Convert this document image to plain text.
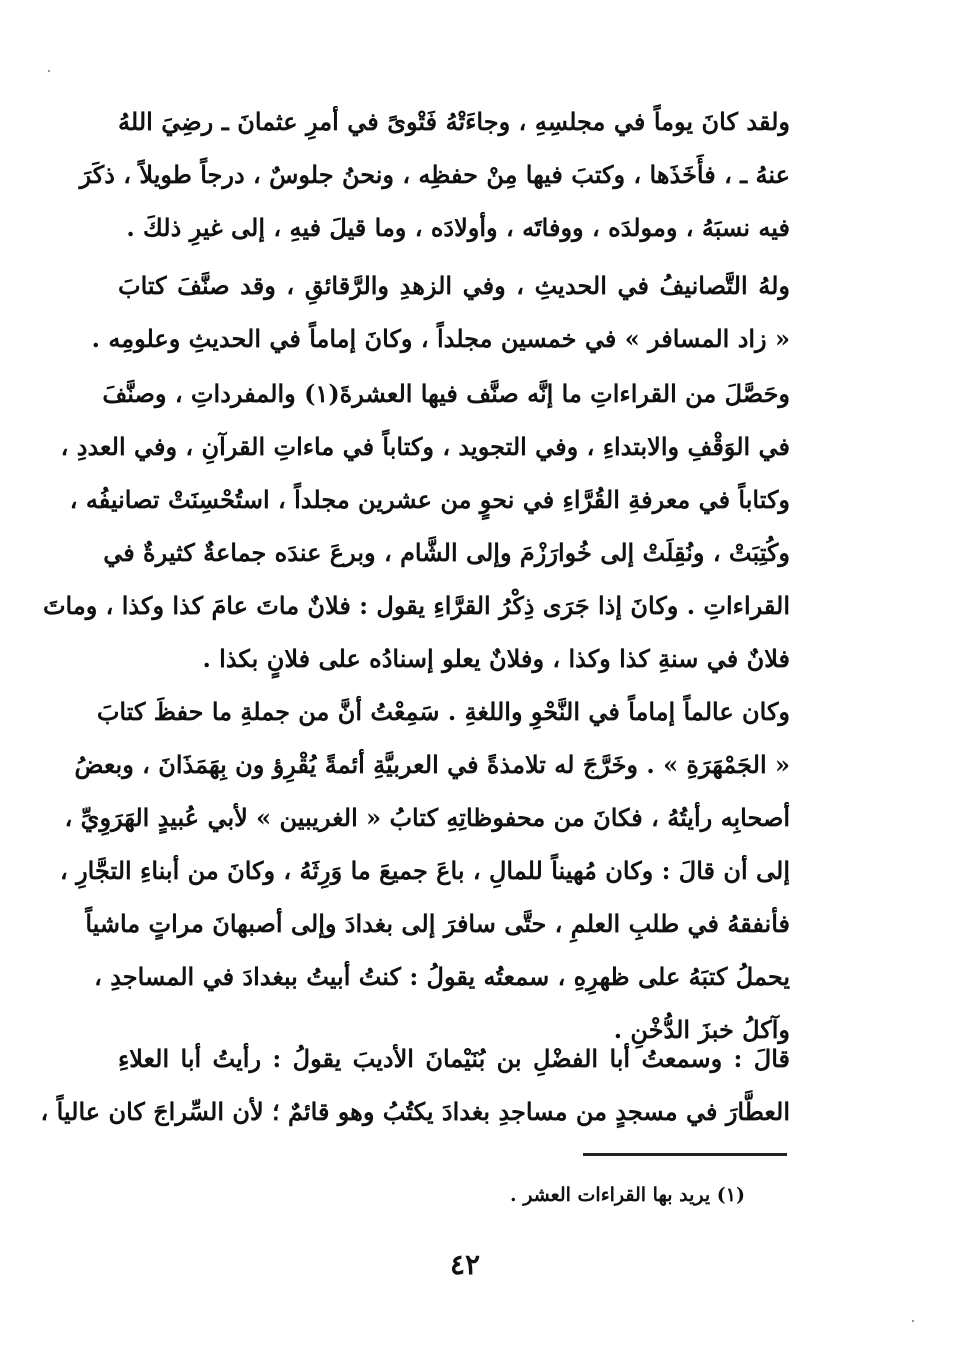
ولقد كانَ يوماً في مجلسِهِ ، وجاءَتْهُ فَتْوىً في أمرِ عثمانَ ـ رضِيَ اللهُ
عنهُ ـ ، فأَخَذَها ، وكتبَ فيها مِنْ حفظِه ، ونحنُ جلوسٌ ، درجاً طويلاً ، ذكَرَ
فيه نسبَهُ ، ومولدَه ، ووفاتَه ، وأولادَه ، وما قيلَ فيهِ ، إلى غيرِ ذلكَ .
ولهُ التَّصانيفُ في الحديثِ ، وفي الزهدِ والرَّقائقِ ، وقد صنَّفَ كتابَ
« زاد المسافر » في خمسين مجلداً ، وكانَ إماماً في الحديثِ وعلومِه .
وحَصَّلَ من القراءاتِ ما إنَّه صنَّف فيها العشرةَ(١) والمفرداتِ ، وصنَّفَ
في الوَقْفِ والابتداءِ ، وفي التجويد ، وكتاباً في ماءاتِ القرآنِ ، وفي العددِ ،
وكتاباً في معرفةِ القُرَّاءِ في نحوٍ من عشرين مجلداً ، استُحْسِنَتْ تصانيفُه ،
وكُتِبَتْ ، ونُقِلَتْ إلى خُوارَزْمَ وإلى الشَّام ، وبرعَ عندَه جماعةٌ كثيرةٌ في
القراءاتِ . وكانَ إذا جَرَى ذِكْرُ القرَّاءِ يقول : فلانٌ ماتَ عامَ كذا وكذا ، وماتَ
فلانٌ في سنةِ كذا وكذا ، وفلانٌ يعلو إسنادُه على فلانٍ بكذا .
وكان عالماً إماماً في النَّحْوِ واللغةِ . سَمِعْتُ أنَّ من جملةِ ما حفظَ كتابَ
« الجَمْهَرَةِ » . وخَرَّجَ له تلامذةً في العربيَّةِ أئمةً يُقْرِؤ ون بِهَمَذَانَ ، وبعضُ
أصحابِه رأيتُهُ ، فكانَ من محفوظاتِهِ كتابُ « الغريبين » لأبي عُبيدٍ الهَرَوِيِّ ،
إلى أن قالَ : وكان مُهيناً للمالِ ، باعَ جميعَ ما وَرِثَهُ ، وكانَ من أبناءِ التجَّارِ ،
فأنفقهُ في طلبِ العلمِ ، حتَّى سافرَ إلى بغدادَ وإلى أصبهانَ مراتٍ ماشياً
يحملُ كتبَهُ على ظهرِهِ ، سمعتُه يقولُ : كنتُ أبيتُ ببغدادَ في المساجدِ ،
وآكلُ خبزَ الدُّخْنِ .
قالَ : وسمعتُ أبا الفضْلِ بن بُنَيْمانَ الأديبَ يقولُ : رأيتُ أبا العلاءِ
العطَّارَ في مسجدٍ من مساجدِ بغدادَ يكتُبُ وهو قائمٌ ؛ لأن السِّراجَ كان عالياً ،
(١) يريد بها القراءات العشر .
٤٢
